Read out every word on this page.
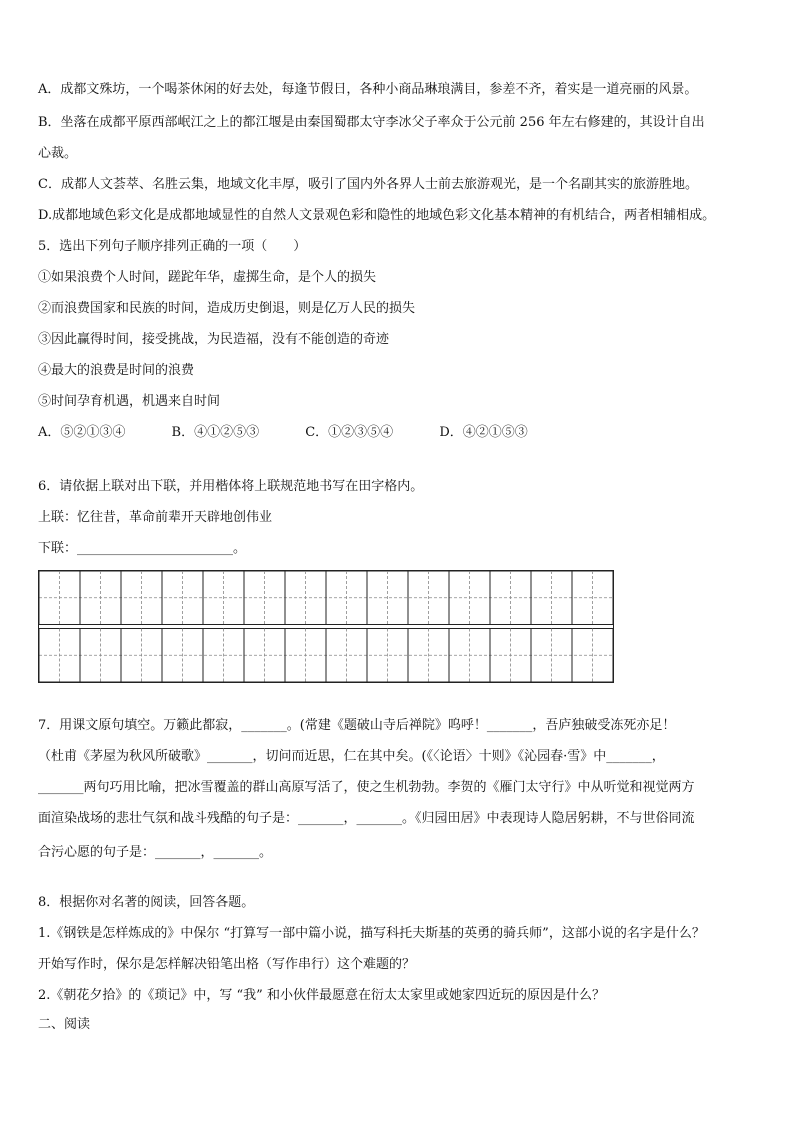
A．成都文殊坊，一个喝茶休闲的好去处，每逢节假日，各种小商品琳琅满目，参差不齐，着实是一道亮丽的风景。
B．坐落在成都平原西部岷江之上的都江堰是由秦国蜀郡太守李冰父子率众于公元前 256 年左右修建的，其设计自出
心裁。
C．成都人文荟萃、名胜云集，地域文化丰厚，吸引了国内外各界人士前去旅游观光，是一个名副其实的旅游胜地。
D.成都地域色彩文化是成都地域显性的自然人文景观色彩和隐性的地域色彩文化基本精神的有机结合，两者相辅相成。
5．选出下列句子顺序排列正确的一项（　　）
①如果浪费个人时间，蹉跎年华，虚掷生命，是个人的损失
②而浪费国家和民族的时间，造成历史倒退，则是亿万人民的损失
③因此赢得时间，接受挑战，为民造福，没有不能创造的奇迹
④最大的浪费是时间的浪费
⑤时间孕育机遇，机遇来自时间
A．⑤②①③④	B．④①②⑤③	C．①②③⑤④	D．④②①⑤③
6．请依据上联对出下联，并用楷体将上联规范地书写在田字格内。
上联：忆往昔，革命前辈开天辟地创伟业
下联：________________________。
7．用课文原句填空。万籁此都寂，_______。(常建《题破山寺后禅院》呜呼！_______，吾庐独破受冻死亦足！
（杜甫《茅屋为秋风所破歌》_______，切问而近思，仁在其中矣。(《〈论语〉十则》《沁园春·雪》中_______，
_______两句巧用比喻，把冰雪覆盖的群山高原写活了，使之生机勃勃。李贺的《雁门太守行》中从听觉和视觉两方
面渲染战场的悲壮气氛和战斗残酷的句子是：_______，_______。《归园田居》中表现诗人隐居躬耕，不与世俗同流
合污心愿的句子是：_______，_______。
8．根据你对名著的阅读，回答各题。
1.《钢铁是怎样炼成的》中保尔 “打算写一部中篇小说，描写科托夫斯基的英勇的骑兵师”，这部小说的名字是什么？
开始写作时，保尔是怎样解决铅笔出格（写作串行）这个难题的？
2.《朝花夕拾》的《琐记》中，写 “我” 和小伙伴最愿意在衍太太家里或她家四近玩的原因是什么？
二、阅读
